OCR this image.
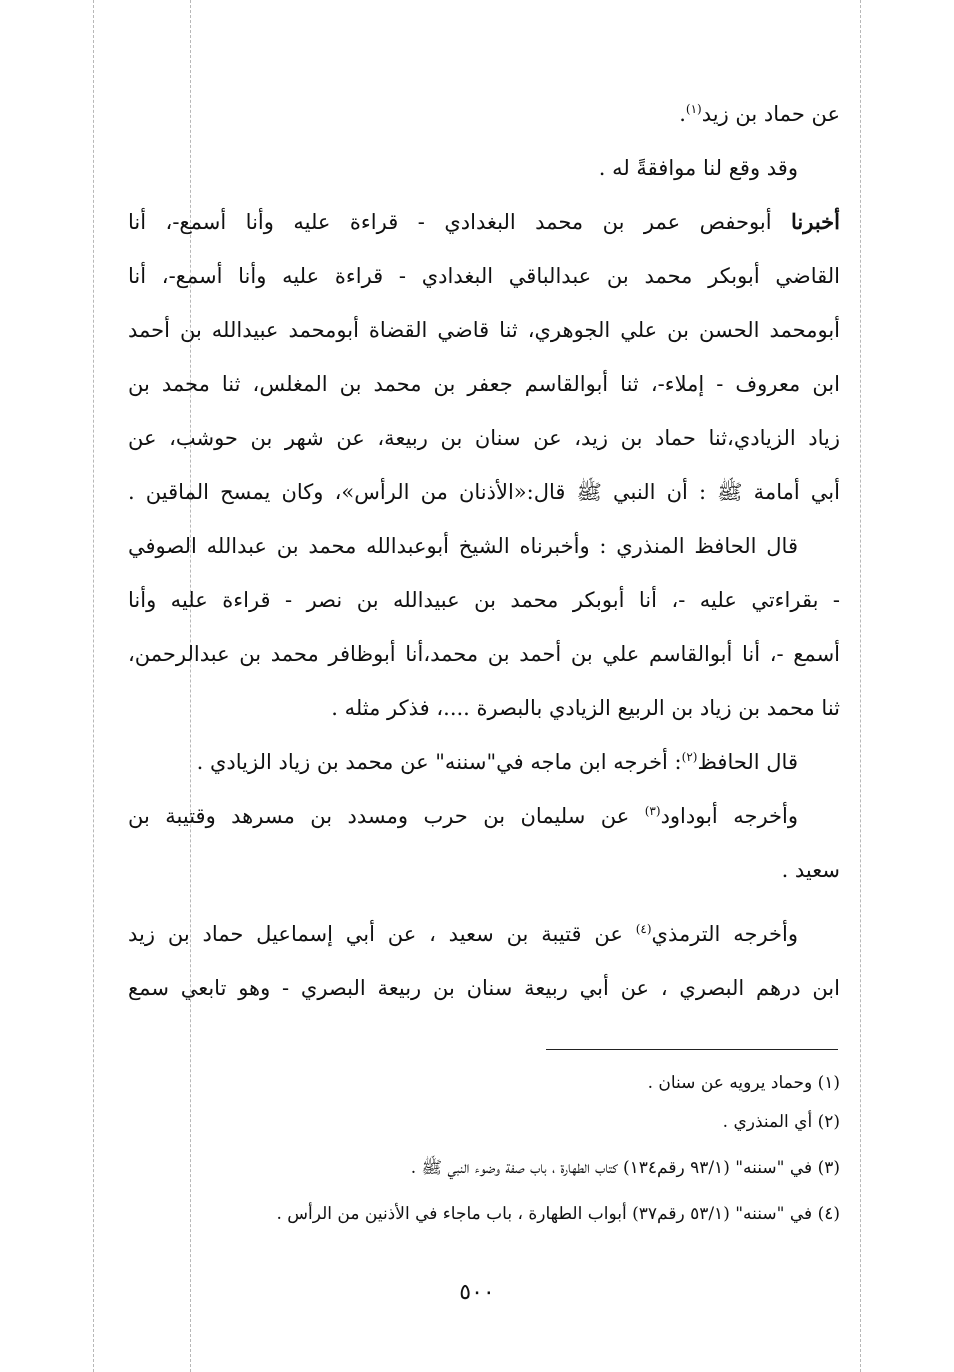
عن حماد بن زيد$^{(١)}$.
وقد وقع لنا موافقةً له .
أخبرنا أبوحفص عمر بن محمد البغدادي - قراءة عليه وأنا أسمع-، أنا
القاضي أبوبكر محمد بن عبدالباقي البغدادي - قراءة عليه وأنا أسمع-، أنا
أبومحمد الحسن بن علي الجوهري، ثنا قاضي القضاة أبومحمد عبيدالله بن أحمد
ابن معروف - إملاء-، ثنا أبوالقاسم جعفر بن محمد بن المغلس، ثنا محمد بن
زياد الزيادي،ثنا حماد بن زيد، عن سنان بن ربيعة، عن شهر بن حوشب، عن
أبي أمامة ﷺ : أن النبي ﷺ قال:«الأذنان من الرأس»، وكان يمسح الماقين .
قال الحافظ المنذري : وأخبرناه الشيخ أبوعبدالله محمد بن عبدالله الصوفي
- بقراءتي عليه -، أنا أبوبكر محمد بن عبيدالله بن نصر - قراءة عليه وأنا
أسمع -، أنا أبوالقاسم علي بن أحمد بن محمد،أنا أبوظافر محمد بن عبدالرحمن،
ثنا محمد بن زياد بن الربيع الزيادي بالبصرة ....، فذكر مثله .
قال الحافظ$^{(٢)}$: أخرجه ابن ماجه في"سننه" عن محمد بن زياد الزيادي .
وأخرجه أبوداود$^{(٣)}$ عن سليمان بن حرب ومسدد بن مسرهد وقتيبة بن
سعيد .
وأخرجه الترمذي$^{(٤)}$ عن قتيبة بن سعيد ، عن أبي إسماعيل حماد بن زيد
ابن درهم البصري ، عن أبي ربيعة سنان بن ربيعة البصري - وهو تابعي سمع
(١) وحماد يرويه عن سنان .
(٢) أي المنذري .
(٣) في "سننه" (٩٣/١ رقم١٣٤) كتاب الطهارة ، باب صفة وضوء النبي ﷺ .
(٤) في "سننه" (٥٣/١ رقم٣٧) أبواب الطهارة ، باب ماجاء في الأذنين من الرأس .
٥٠٠
